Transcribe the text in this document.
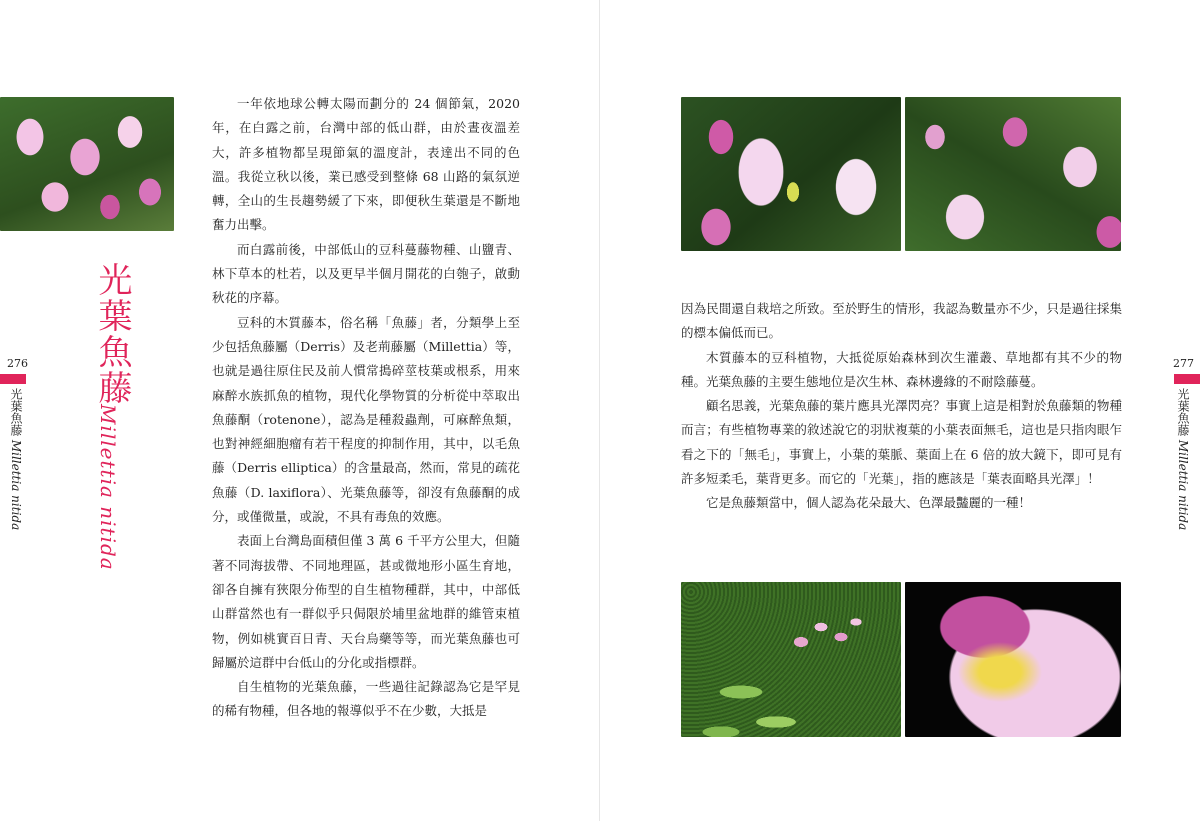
光葉魚藤
Millettia nitida
276
光葉魚藤 Millettia nitida

一年依地球公轉太陽而劃分的 24 個節氣，2020 年，在白露之前，台灣中部的低山群，由於晝夜溫差大，許多植物都呈現節氣的溫度計，表達出不同的色溫。我從立秋以後，業已感受到整條 68 山路的氣氛逆轉，全山的生長趨勢緩了下來，即便秋生葉還是不斷地奮力出擊。

而白露前後，中部低山的豆科蔓藤物種、山鹽青、林下草本的杜若，以及更早半個月開花的白匏子，啟動秋花的序幕。

豆科的木質藤本，俗名稱「魚藤」者，分類學上至少包括魚藤屬（Derris）及老荊藤屬（Millettia）等，也就是過往原住民及前人慣常搗碎莖枝葉或根系，用來麻醉水族抓魚的植物，現代化學物質的分析從中萃取出魚藤酮（rotenone），認為是種殺蟲劑，可麻醉魚類，也對神經細胞瘤有若干程度的抑制作用，其中，以毛魚藤（Derris elliptica）的含量最高，然而，常見的疏花魚藤（D. laxiflora）、光葉魚藤等，卻沒有魚藤酮的成分，或僅微量，或說，不具有毒魚的效應。

表面上台灣島面積但僅 3 萬 6 千平方公里大，但隨著不同海拔帶、不同地理區，甚或微地形小區生育地，卻各自擁有狹限分佈型的自生植物種群，其中，中部低山群當然也有一群似乎只侷限於埔里盆地群的維管束植物，例如桃實百日青、天台烏藥等等，而光葉魚藤也可歸屬於這群中台低山的分化或指標群。

自生植物的光葉魚藤，一些過往記錄認為它是罕見的稀有物種，但各地的報導似乎不在少數，大抵是

因為民間還自栽培之所致。至於野生的情形，我認為數量亦不少，只是過往採集的標本偏低而已。

木質藤本的豆科植物，大抵從原始森林到次生灌叢、草地都有其不少的物種。光葉魚藤的主要生態地位是次生林、森林邊緣的不耐陰藤蔓。

顧名思義，光葉魚藤的葉片應具光澤閃亮？事實上這是相對於魚藤類的物種而言；有些植物專業的敘述說它的羽狀複葉的小葉表面無毛，這也是只指肉眼乍看之下的「無毛」，事實上，小葉的葉脈、葉面上在 6 倍的放大鏡下，即可見有許多短柔毛，葉背更多。而它的「光葉」，指的應該是「葉表面略具光澤」！

它是魚藤類當中，個人認為花朵最大、色澤最豔麗的一種！

277
光葉魚藤 Millettia nitida
